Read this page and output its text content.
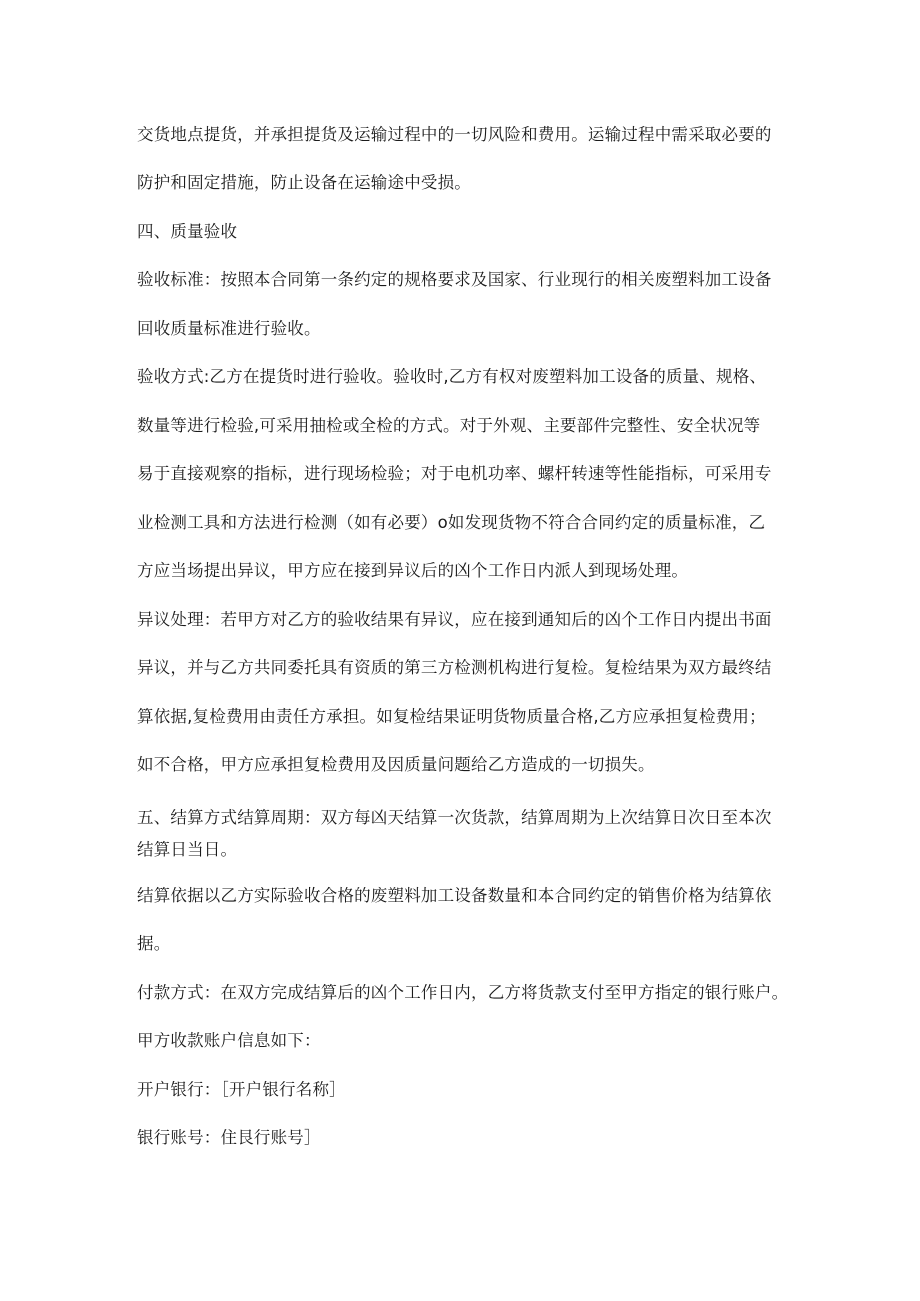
交货地点提货，并承担提货及运输过程中的一切风险和费用。运输过程中需采取必要的
防护和固定措施，防止设备在运输途中受损。
四、质量验收
验收标准：按照本合同第一条约定的规格要求及国家、行业现行的相关废塑料加工设备
回收质量标准进行验收。
验收方式:乙方在提货时进行验收。验收时,乙方有权对废塑料加工设备的质量、规格、
数量等进行检验,可采用抽检或全检的方式。对于外观、主要部件完整性、安全状况等
易于直接观察的指标，进行现场检验；对于电机功率、螺杆转速等性能指标，可采用专
业检测工具和方法进行检测（如有必要）o如发现货物不符合合同约定的质量标准，乙
方应当场提出异议，甲方应在接到异议后的凶个工作日内派人到现场处理。
异议处理：若甲方对乙方的验收结果有异议，应在接到通知后的凶个工作日内提出书面
异议，并与乙方共同委托具有资质的第三方检测机构进行复检。复检结果为双方最终结
算依据,复检费用由责任方承担。如复检结果证明货物质量合格,乙方应承担复检费用；
如不合格，甲方应承担复检费用及因质量问题给乙方造成的一切损失。
五、结算方式结算周期：双方每凶天结算一次货款，结算周期为上次结算日次日至本次
结算日当日。
结算依据以乙方实际验收合格的废塑料加工设备数量和本合同约定的销售价格为结算依
据。
付款方式：在双方完成结算后的凶个工作日内，乙方将货款支付至甲方指定的银行账户。
甲方收款账户信息如下：
开户银行：［开户银行名称］
银行账号：住艮行账号］
